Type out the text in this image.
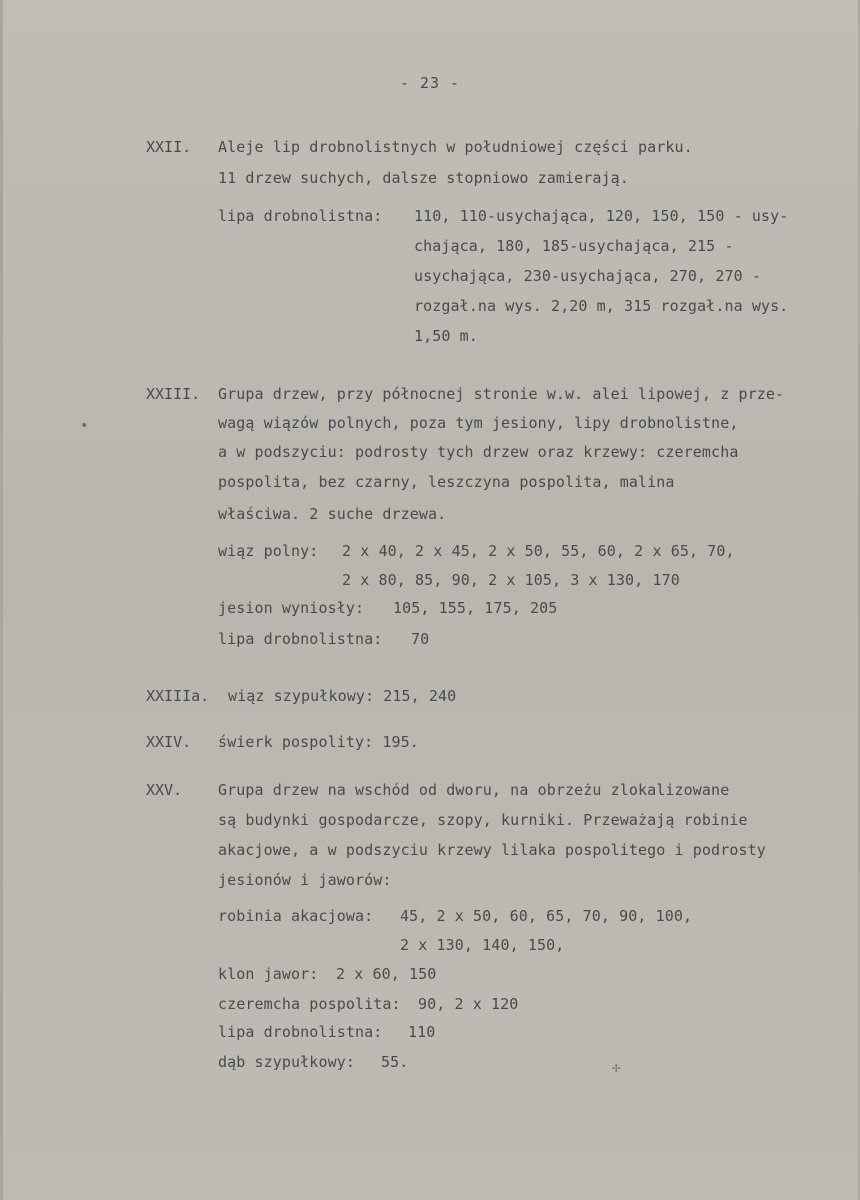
- 23 -
XXII. Aleje lip drobnolistnych w południowej części parku.
11 drzew suchych, dalsze stopniowo zamierają.
lipa drobnolistna: 110, 110-usychająca, 120, 150, 150 - usy-
chająca, 180, 185-usychająca, 215 -
usychająca, 230-usychająca, 270, 270 -
rozgał.na wys. 2,20 m, 315 rozgał.na wys.
1,50 m.
XXIII. Grupa drzew, przy północnej stronie w.w. alei lipowej, z prze-
wagą wiązów polnych, poza tym jesiony, lipy drobnolistne,
a w podszyciu: podrosty tych drzew oraz krzewy: czeremcha
pospolita, bez czarny, leszczyna pospolita, malina
właściwa. 2 suche drzewa.
wiąz polny: 2 x 40, 2 x 45, 2 x 50, 55, 60, 2 x 65, 70,
2 x 80, 85, 90, 2 x 105, 3 x 130, 170
jesion wyniosły: 105, 155, 175, 205
lipa drobnolistna: 70
XXIIIa. wiąz szypułkowy: 215, 240
XXIV. świerk pospolity: 195.
XXV. Grupa drzew na wschód od dworu, na obrzeżu zlokalizowane
są budynki gospodarcze, szopy, kurniki. Przeważają robinie
akacjowe, a w podszyciu krzewy lilaka pospolitego i podrosty
jesionów i jaworów:
robinia akacjowa: 45, 2 x 50, 60, 65, 70, 90, 100,
2 x 130, 140, 150,
klon jawor: 2 x 60, 150
czeremcha pospolita: 90, 2 x 120
lipa drobnolistna: 110
dąb szypułkowy: 55.
•
✢
